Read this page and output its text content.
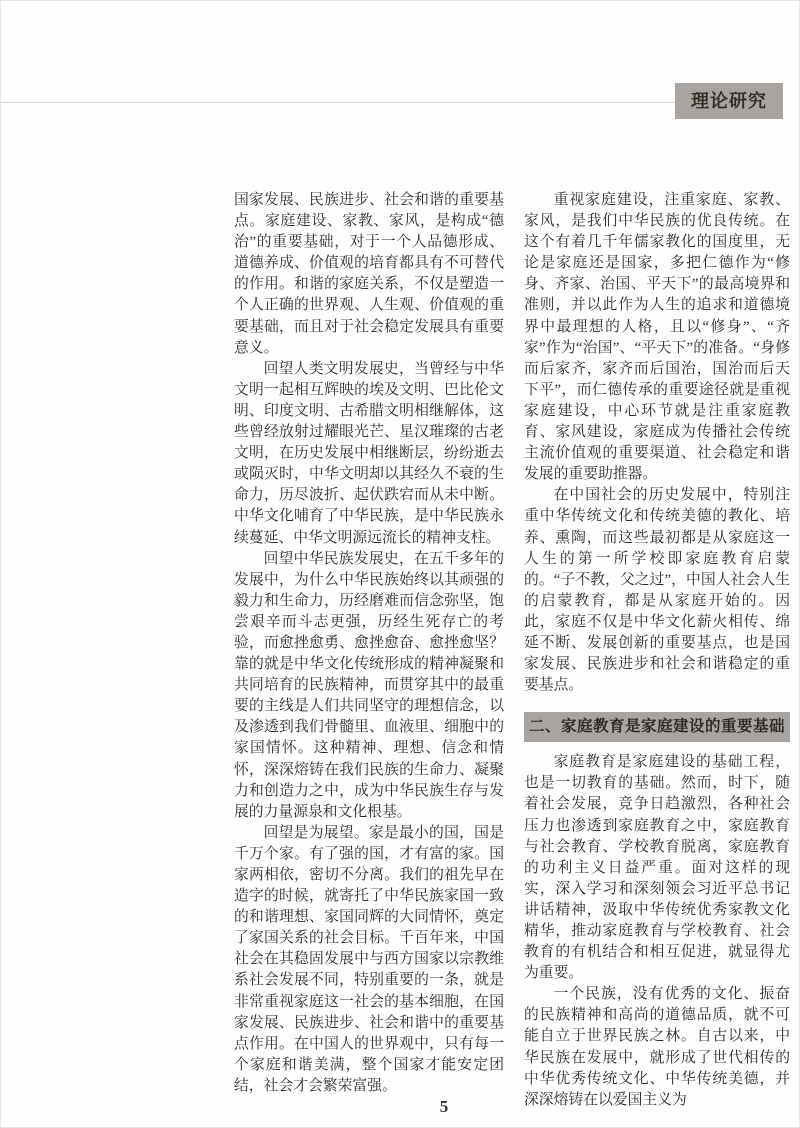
理论研究

国家发展、民族进步、社会和谐的重要基点。家庭建设、家教、家风，是构成“德治”的重要基础，对于一个人品德形成、道德养成、价值观的培育都具有不可替代的作用。和谐的家庭关系，不仅是塑造一个人正确的世界观、人生观、价值观的重要基础，而且对于社会稳定发展具有重要意义。

回望人类文明发展史，当曾经与中华文明一起相互辉映的埃及文明、巴比伦文明、印度文明、古希腊文明相继解体，这些曾经放射过耀眼光芒、星汉璀璨的古老文明，在历史发展中相继断层，纷纷逝去或陨灭时，中华文明却以其经久不衰的生命力，历尽波折、起伏跌宕而从未中断。中华文化哺育了中华民族，是中华民族永续蔓延、中华文明源远流长的精神支柱。

回望中华民族发展史，在五千多年的发展中，为什么中华民族始终以其顽强的毅力和生命力，历经磨难而信念弥坚，饱尝艰辛而斗志更强，历经生死存亡的考验，而愈挫愈勇、愈挫愈奋、愈挫愈坚？靠的就是中华文化传统形成的精神凝聚和共同培育的民族精神，而贯穿其中的最重要的主线是人们共同坚守的理想信念，以及渗透到我们骨髓里、血液里、细胞中的家国情怀。这种精神、理想、信念和情怀，深深熔铸在我们民族的生命力、凝聚力和创造力之中，成为中华民族生存与发展的力量源泉和文化根基。

回望是为展望。家是最小的国，国是千万个家。有了强的国，才有富的家。国家两相依，密切不分离。我们的祖先早在造字的时候，就寄托了中华民族家国一致的和谐理想、家国同辉的大同情怀，奠定了家国关系的社会目标。千百年来，中国社会在其稳固发展中与西方国家以宗教维系社会发展不同，特别重要的一条，就是非常重视家庭这一社会的基本细胞，在国家发展、民族进步、社会和谐中的重要基点作用。在中国人的世界观中，只有每一个家庭和谐美满，整个国家才能安定团结，社会才会繁荣富强。

重视家庭建设，注重家庭、家教、家风，是我们中华民族的优良传统。在这个有着几千年儒家教化的国度里，无论是家庭还是国家，多把仁德作为“修身、齐家、治国、平天下”的最高境界和准则，并以此作为人生的追求和道德境界中最理想的人格，且以“修身”、“齐家”作为“治国”、“平天下”的准备。“身修而后家齐，家齐而后国治，国治而后天下平”，而仁德传承的重要途径就是重视家庭建设，中心环节就是注重家庭教育、家风建设，家庭成为传播社会传统主流价值观的重要渠道、社会稳定和谐发展的重要助推器。

在中国社会的历史发展中，特别注重中华传统文化和传统美德的教化、培养、熏陶，而这些最初都是从家庭这一人生的第一所学校即家庭教育启蒙的。“子不教，父之过”，中国人社会人生的启蒙教育，都是从家庭开始的。因此，家庭不仅是中华文化薪火相传、绵延不断、发展创新的重要基点，也是国家发展、民族进步和社会和谐稳定的重要基点。

二、家庭教育是家庭建设的重要基础

家庭教育是家庭建设的基础工程，也是一切教育的基础。然而，时下，随着社会发展，竞争日趋激烈，各种社会压力也渗透到家庭教育之中，家庭教育与社会教育、学校教育脱离，家庭教育的功利主义日益严重。面对这样的现实，深入学习和深刻领会习近平总书记讲话精神，汲取中华传统优秀家教文化精华，推动家庭教育与学校教育、社会教育的有机结合和相互促进，就显得尤为重要。

一个民族，没有优秀的文化、振奋的民族精神和高尚的道德品质，就不可能自立于世界民族之林。自古以来，中华民族在发展中，就形成了世代相传的中华优秀传统文化、中华传统美德，并深深熔铸在以爱国主义为

5
